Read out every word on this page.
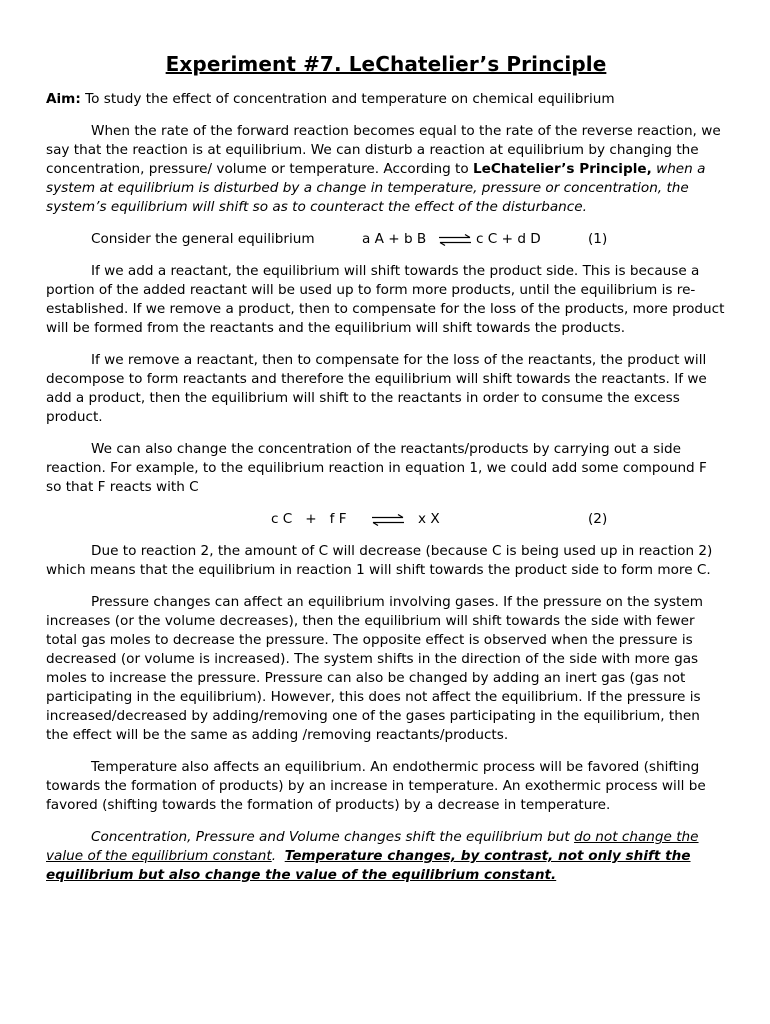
Experiment #7. LeChatelier’s Principle

Aim: To study the effect of concentration and temperature on chemical equilibrium

When the rate of the forward reaction becomes equal to the rate of the reverse reaction, we say that the reaction is at equilibrium. We can disturb a reaction at equilibrium by changing the concentration, pressure/ volume or temperature. According to LeChatelier’s Principle, when a system at equilibrium is disturbed by a change in temperature, pressure or concentration, the system’s equilibrium will shift so as to counteract the effect of the disturbance.

Consider the general equilibrium	a A + b B ⇌ c C + d D	(1)

If we add a reactant, the equilibrium will shift towards the product side. This is because a portion of the added reactant will be used up to form more products, until the equilibrium is re-established. If we remove a product, then to compensate for the loss of the products, more product will be formed from the reactants and the equilibrium will shift towards the products.

If we remove a reactant, then to compensate for the loss of the reactants, the product will decompose to form reactants and therefore the equilibrium will shift towards the reactants. If we add a product, then the equilibrium will shift to the reactants in order to consume the excess product.

We can also change the concentration of the reactants/products by carrying out a side reaction. For example, to the equilibrium reaction in equation 1, we could add some compound F so that F reacts with C

c C   +   f F ⇌ x X	(2)

Due to reaction 2, the amount of C will decrease (because C is being used up in reaction 2) which means that the equilibrium in reaction 1 will shift towards the product side to form more C.

Pressure changes can affect an equilibrium involving gases. If the pressure on the system increases (or the volume decreases), then the equilibrium will shift towards the side with fewer total gas moles to decrease the pressure. The opposite effect is observed when the pressure is decreased (or volume is increased). The system shifts in the direction of the side with more gas moles to increase the pressure. Pressure can also be changed by adding an inert gas (gas not participating in the equilibrium). However, this does not affect the equilibrium. If the pressure is increased/decreased by adding/removing one of the gases participating in the equilibrium, then the effect will be the same as adding /removing reactants/products.

Temperature also affects an equilibrium. An endothermic process will be favored (shifting towards the formation of products) by an increase in temperature. An exothermic process will be favored (shifting towards the formation of products) by a decrease in temperature.

Concentration, Pressure and Volume changes shift the equilibrium but do not change the value of the equilibrium constant.  Temperature changes, by contrast, not only shift the equilibrium but also change the value of the equilibrium constant.
